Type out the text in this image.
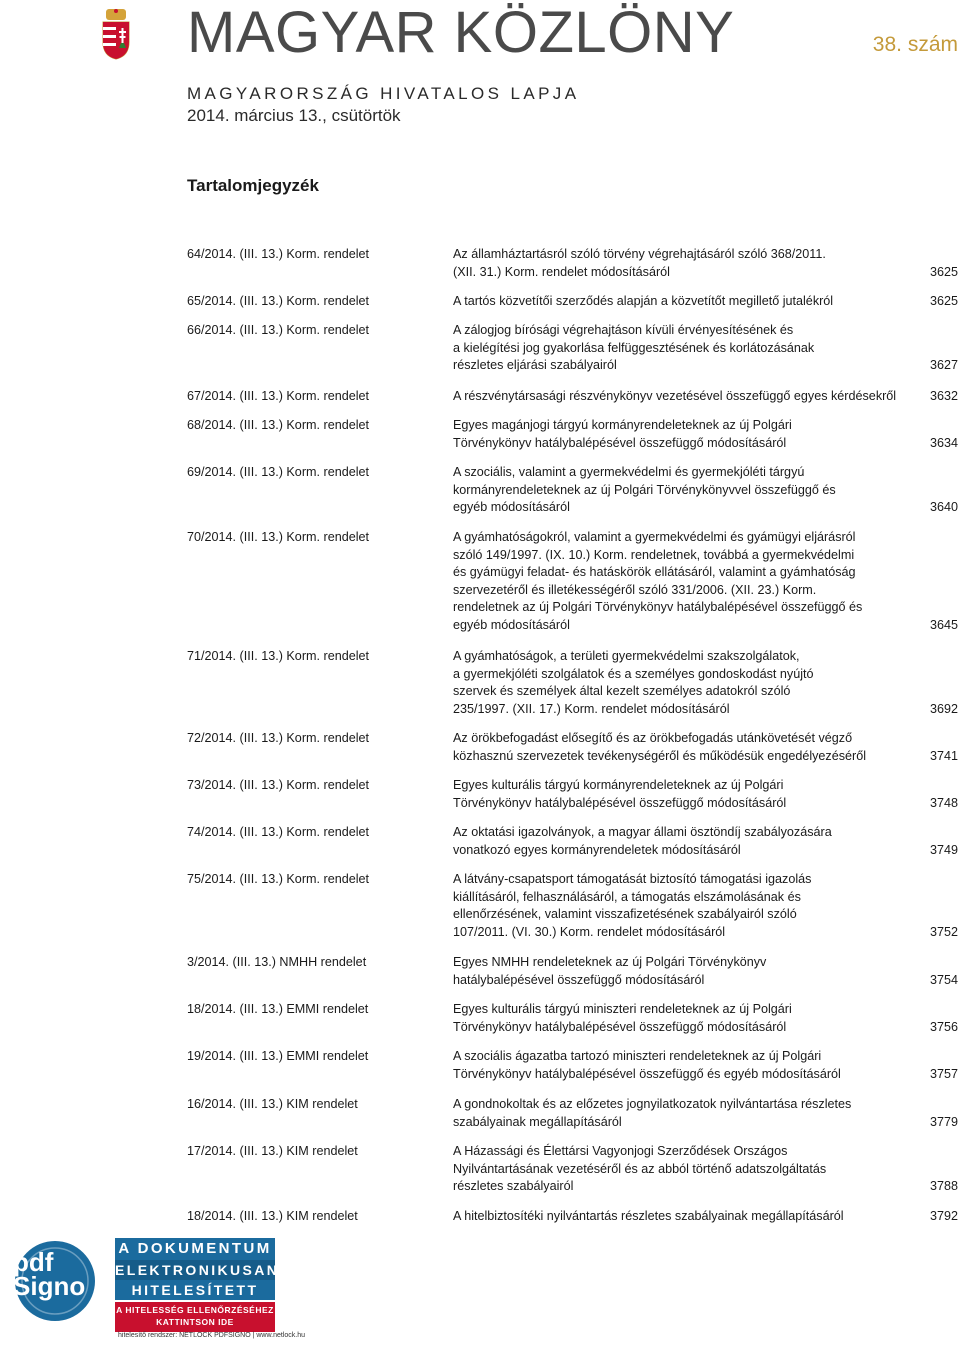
MAGYAR KÖZLÖNY	38. szám
MAGYARORSZÁG HIVATALOS LAPJA
2014. március 13., csütörtök
Tartalomjegyzék
64/2014. (III. 13.) Korm. rendelet	Az államháztartásról szóló törvény végrehajtásáról szóló 368/2011.
(XII. 31.) Korm. rendelet módosításáról	3625
65/2014. (III. 13.) Korm. rendelet	A tartós közvetítői szerződés alapján a közvetítőt megillető jutalékról	3625
66/2014. (III. 13.) Korm. rendelet	A zálogjog bírósági végrehajtáson kívüli érvényesítésének és
a kielégítési jog gyakorlása felfüggesztésének és korlátozásának
részletes eljárási szabályairól	3627
67/2014. (III. 13.) Korm. rendelet	A részvénytársasági részvénykönyv vezetésével összefüggő egyes kérdésekről	3632
68/2014. (III. 13.) Korm. rendelet	Egyes magánjogi tárgyú kormányrendeleteknek az új Polgári
Törvénykönyv hatálybalépésével összefüggő módosításáról	3634
69/2014. (III. 13.) Korm. rendelet	A szociális, valamint a gyermekvédelmi és gyermekjóléti tárgyú
kormányrendeleteknek az új Polgári Törvénykönyvvel összefüggő és
egyéb módosításáról	3640
70/2014. (III. 13.) Korm. rendelet	A gyámhatóságokról, valamint a gyermekvédelmi és gyámügyi eljárásról
szóló 149/1997. (IX. 10.) Korm. rendeletnek, továbbá a gyermekvédelmi
és gyámügyi feladat- és hatáskörök ellátásáról, valamint a gyámhatóság
szervezetéről és illetékességéről szóló 331/2006. (XII. 23.) Korm.
rendeletnek az új Polgári Törvénykönyv hatálybalépésével összefüggő és
egyéb módosításáról	3645
71/2014. (III. 13.) Korm. rendelet	A gyámhatóságok, a területi gyermekvédelmi szakszolgálatok,
a gyermekjóléti szolgálatok és a személyes gondoskodást nyújtó
szervek és személyek által kezelt személyes adatokról szóló
235/1997. (XII. 17.) Korm. rendelet módosításáról	3692
72/2014. (III. 13.) Korm. rendelet	Az örökbefogadást elősegítő és az örökbefogadás utánkövetését végző
közhasznú szervezetek tevékenységéről és működésük engedélyezéséről	3741
73/2014. (III. 13.) Korm. rendelet	Egyes kulturális tárgyú kormányrendeleteknek az új Polgári
Törvénykönyv hatálybalépésével összefüggő módosításáról	3748
74/2014. (III. 13.) Korm. rendelet	Az oktatási igazolványok, a magyar állami ösztöndíj szabályozására
vonatkozó egyes kormányrendeletek módosításáról	3749
75/2014. (III. 13.) Korm. rendelet	A látvány-csapatsport támogatását biztosító támogatási igazolás
kiállításáról, felhasználásáról, a támogatás elszámolásának és
ellenőrzésének, valamint visszafizetésének szabályairól szóló
107/2011. (VI. 30.) Korm. rendelet módosításáról	3752
3/2014. (III. 13.) NMHH rendelet	Egyes NMHH rendeleteknek az új Polgári Törvénykönyv
hatálybalépésével összefüggő módosításáról	3754
18/2014. (III. 13.) EMMI rendelet	Egyes kulturális tárgyú miniszteri rendeleteknek az új Polgári
Törvénykönyv hatálybalépésével összefüggő módosításáról	3756
19/2014. (III. 13.) EMMI rendelet	A szociális ágazatba tartozó miniszteri rendeleteknek az új Polgári
Törvénykönyv hatálybalépésével összefüggő és egyéb módosításáról	3757
16/2014. (III. 13.) KIM rendelet	A gondnokoltak és az előzetes jognyilatkozatok nyilvántartása részletes
szabályainak megállapításáról	3779
17/2014. (III. 13.) KIM rendelet	A Házassági és Élettársi Vagyonjogi Szerződések Országos
Nyilvántartásának vezetéséről és az abból történő adatszolgáltatás
részletes szabályairól	3788
18/2014. (III. 13.) KIM rendelet	A hitelbiztosítéki nyilvántartás részletes szabályainak megállapításáról	3792
pdf
Signo
A DOKUMENTUM
ELEKTRONIKUSAN
HITELESÍTETT
A HITELESSÉG ELLENŐRZÉSÉHEZ
KATTINTSON IDE
hitelesítő rendszer: NETLOCK PDFSIGNO | www.netlock.hu
